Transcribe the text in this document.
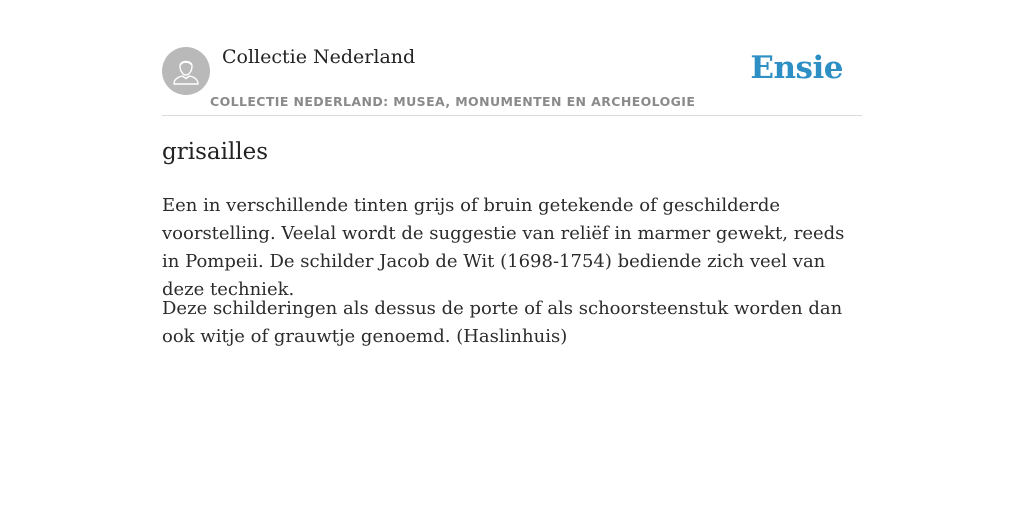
Collectie Nederland
COLLECTIE NEDERLAND: MUSEA, MONUMENTEN EN ARCHEOLOGIE
Ensie
grisailles

Een in verschillende tinten grijs of bruin getekende of geschilderde voorstelling. Veelal wordt de suggestie van reliëf in marmer gewekt, reeds in Pompeii. De schilder Jacob de Wit (1698-1754) bediende zich veel van deze techniek.

Deze schilderingen als dessus de porte of als schoorsteenstuk worden dan ook witje of grauwtje genoemd. (Haslinhuis)
